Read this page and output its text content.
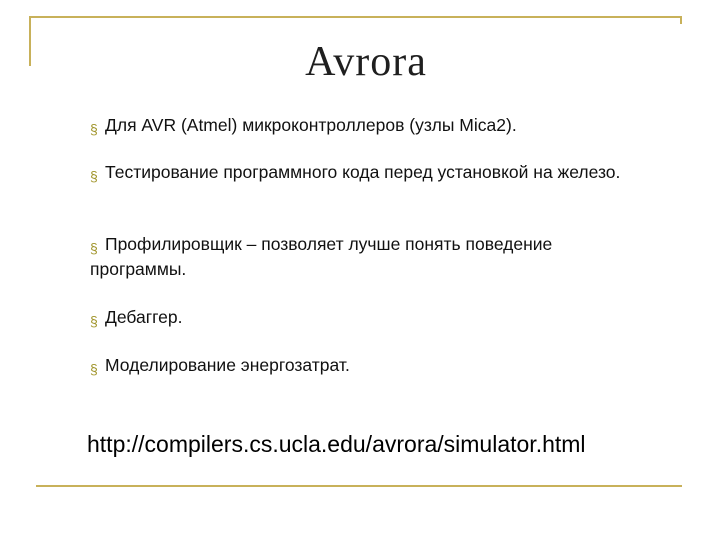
Avrora
§Для AVR (Atmel) микроконтроллеров (узлы Mica2).
§Тестирование программного кода перед установкой на железо.
§Профилировщик – позволяет лучше понять поведение программы.
§Дебаггер.
§Моделирование энергозатрат.
http://compilers.cs.ucla.edu/avrora/simulator.html
